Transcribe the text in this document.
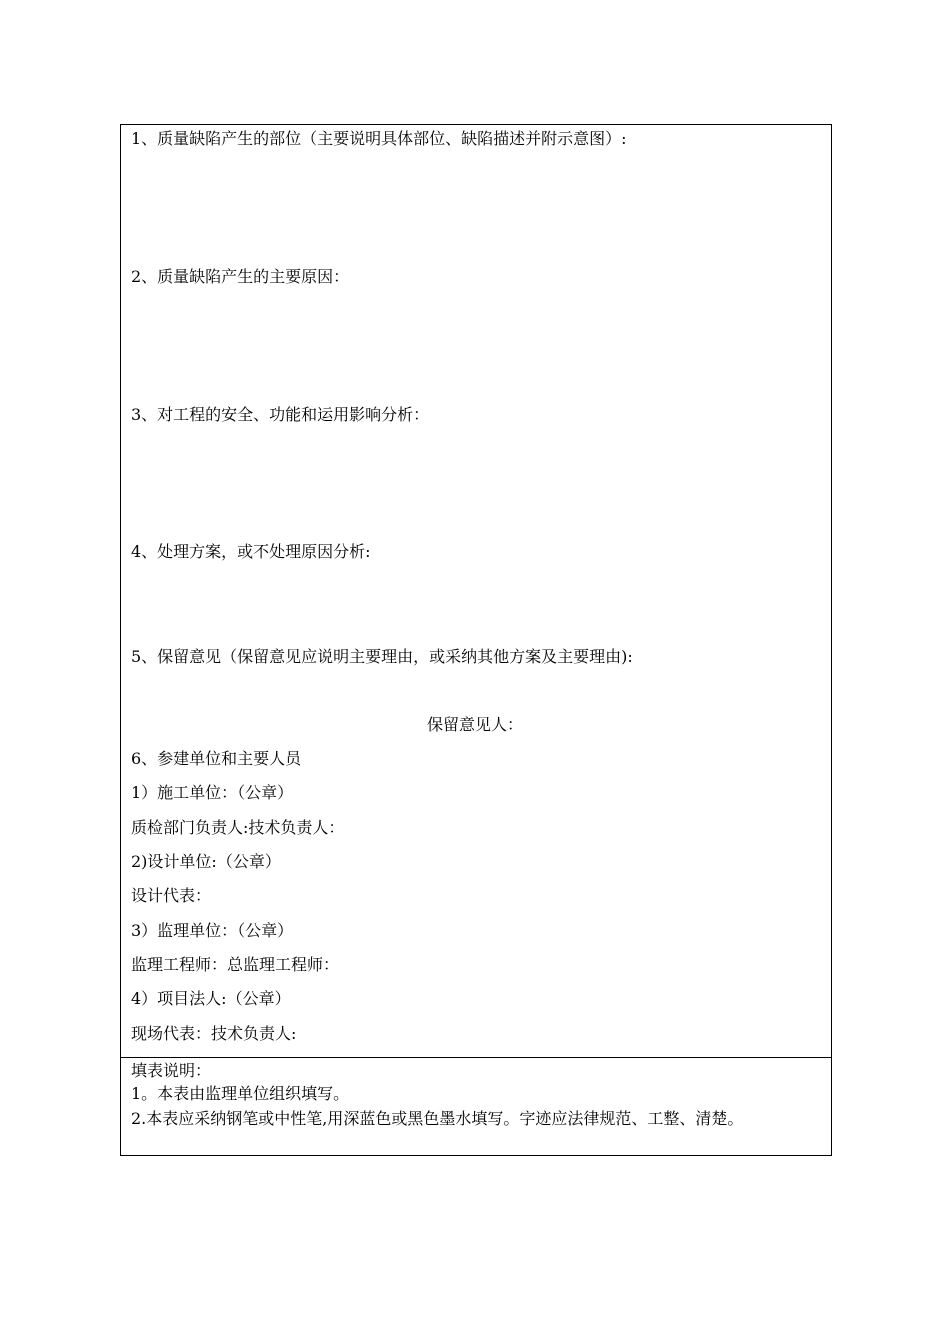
1、质量缺陷产生的部位（主要说明具体部位、缺陷描述并附示意图）:
2、质量缺陷产生的主要原因：
3、对工程的安全、功能和运用影响分析：
4、处理方案，或不处理原因分析:
5、保留意见（保留意见应说明主要理由，或采纳其他方案及主要理由):
保留意见人：
6、参建单位和主要人员
1）施工单位：（公章）
质检部门负责人:技术负责人：
2)设计单位:（公章）
设计代表：
3）监理单位：（公章）
监理工程师：总监理工程师：
4）项目法人:（公章）
现场代表：技术负责人:
填表说明：
1。本表由监理单位组织填写。
2.本表应采纳钢笔或中性笔,用深蓝色或黑色墨水填写。字迹应法律规范、工整、清楚。
